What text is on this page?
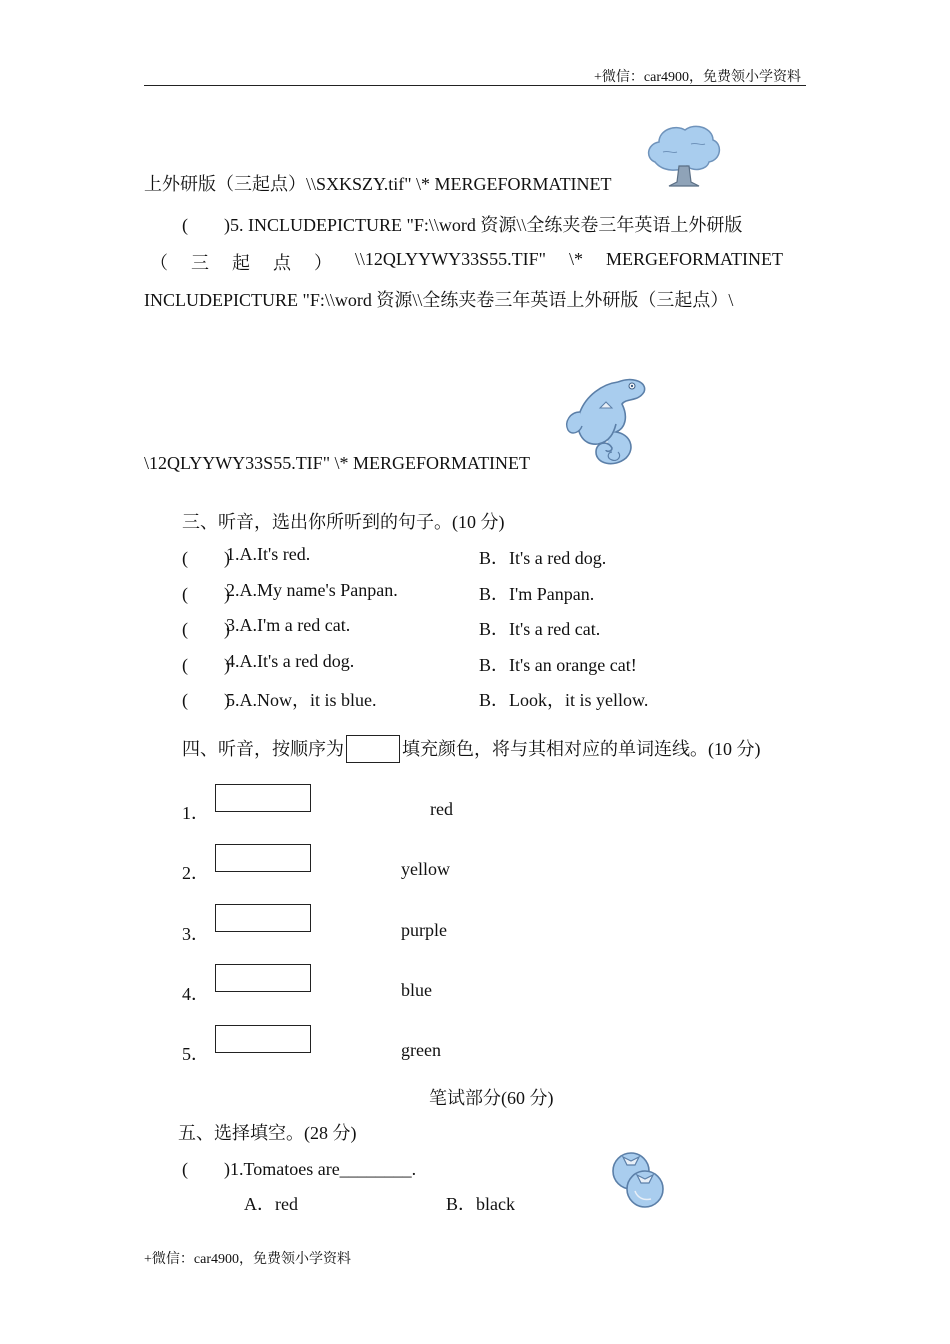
+微信：car4900，免费领小学资料
上外研版（三起点）\\SXKSZY.tif" \* MERGEFORMATINET
(　　)5. INCLUDEPICTURE "F:\\word 资源\\全练夹卷三年英语上外研版
（ 三 起 点 ） \\12QLYYWY33S55.TIF" \* MERGEFORMATINET
INCLUDEPICTURE "F:\\word 资源\\全练夹卷三年英语上外研版（三起点）\
\12QLYYWY33S55.TIF" \* MERGEFORMATINET
三、听音，选出你所听到的句子。(10 分)
(　　)
1.A.It's red.	B．It's a red dog.
(　　)
2.A.My name's Panpan.	B．I'm Panpan.
(　　)
3.A.I'm a red cat.	B．It's a red cat.
(　　)
4.A.It's a red dog.	B．It's an orange cat!
(　　)
5.A.Now，it is blue.	B．Look，it is yellow.
四、听音，按顺序为	填充颜色，将与其相对应的单词连线。(10 分)
1．	red
2．	yellow
3．	purple
4．	blue
5．	green
笔试部分(60 分)
五、选择填空。(28 分)
(　　)1.Tomatoes are________.
A．red	B．black
+微信：car4900，免费领小学资料
